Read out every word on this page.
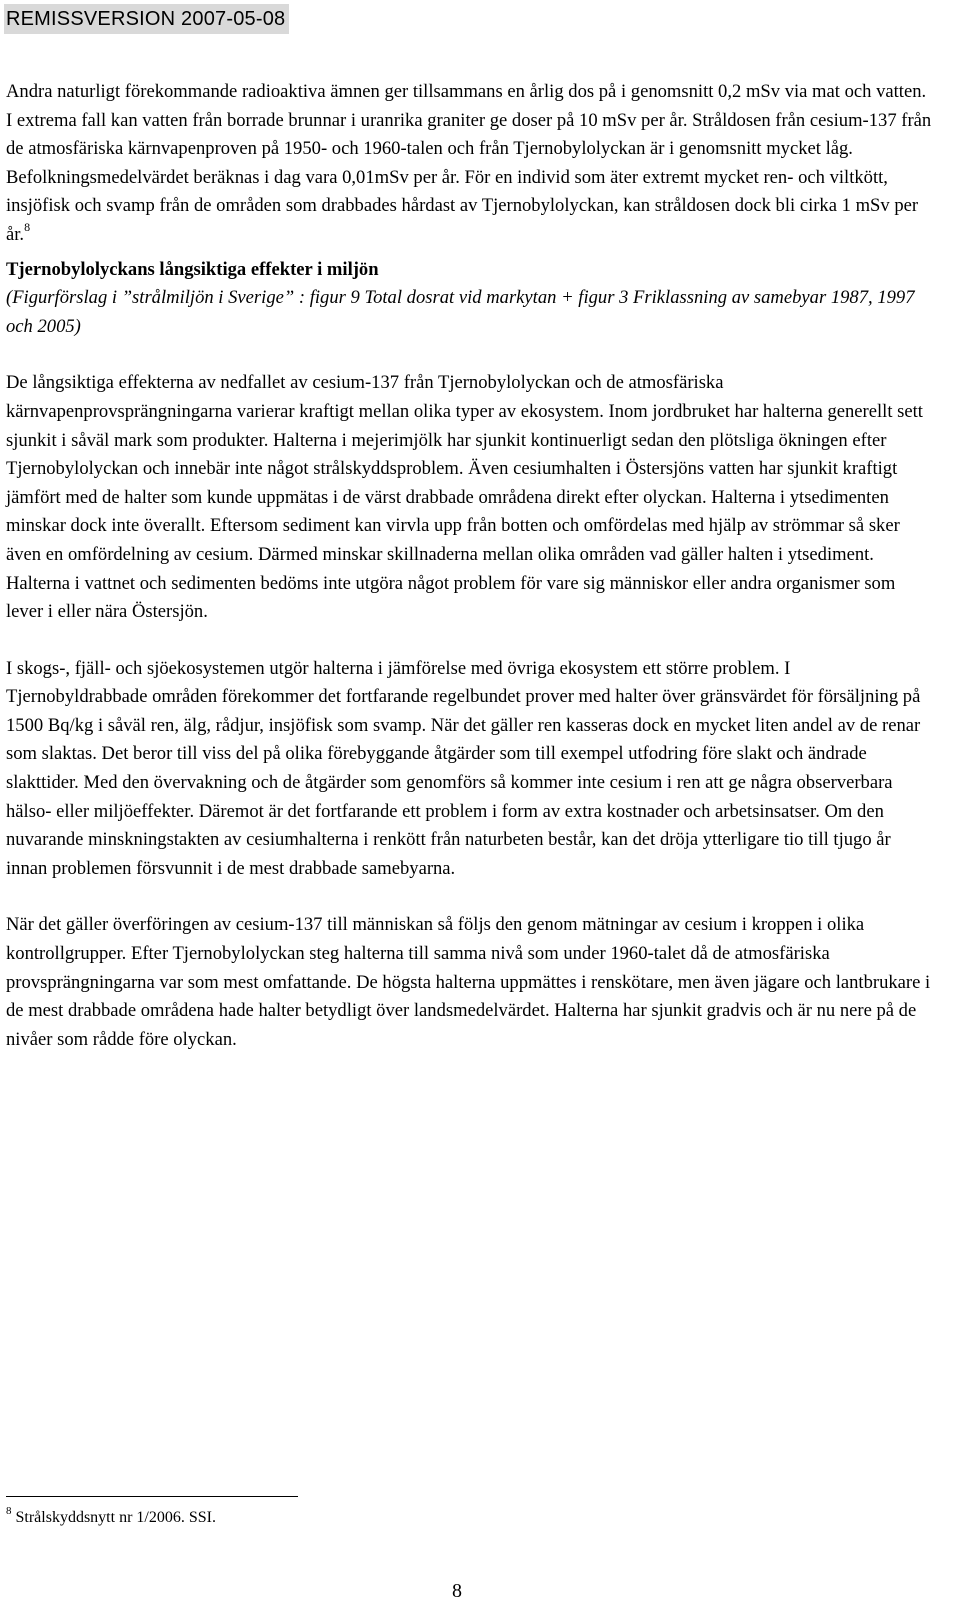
REMISSVERSION 2007-05-08

Andra naturligt förekommande radioaktiva ämnen ger tillsammans en årlig dos på i genomsnitt 0,2 mSv via mat och vatten. I extrema fall kan vatten från borrade brunnar i uranrika graniter ge doser på 10 mSv per år. Stråldosen från cesium-137 från de atmosfäriska kärnvapenproven på 1950- och 1960-talen och från Tjernobylolyckan är i genomsnitt mycket låg. Befolkningsmedelvärdet beräknas i dag vara 0,01mSv per år. För en individ som äter extremt mycket ren- och viltkött, insjöfisk och svamp från de områden som drabbades hårdast av Tjernobylolyckan, kan stråldosen dock bli cirka 1 mSv per år.$^8$

Tjernobylolyckans långsiktiga effekter i miljön

(Figurförslag i ”strålmiljön i Sverige” : figur 9 Total dosrat vid markytan + figur 3 Friklassning av samebyar 1987, 1997 och 2005)

De långsiktiga effekterna av nedfallet av cesium-137 från Tjernobylolyckan och de atmosfäriska kärnvapenprovsprängningarna varierar kraftigt mellan olika typer av ekosystem. Inom jordbruket har halterna generellt sett sjunkit i såväl mark som produkter. Halterna i mejerimjölk har sjunkit kontinuerligt sedan den plötsliga ökningen efter Tjernobylolyckan och innebär inte något strålskyddsproblem. Även cesiumhalten i Östersjöns vatten har sjunkit kraftigt jämfört med de halter som kunde uppmätas i de värst drabbade områdena direkt efter olyckan. Halterna i ytsedimenten minskar dock inte överallt. Eftersom sediment kan virvla upp från botten och omfördelas med hjälp av strömmar så sker även en omfördelning av cesium. Därmed minskar skillnaderna mellan olika områden vad gäller halten i ytsediment. Halterna i vattnet och sedimenten bedöms inte utgöra något problem för vare sig människor eller andra organismer som lever i eller nära Östersjön.

I skogs-, fjäll- och sjöekosystemen utgör halterna i jämförelse med övriga ekosystem ett större problem. I Tjernobyldrabbade områden förekommer det fortfarande regelbundet prover med halter över gränsvärdet för försäljning på 1500 Bq/kg i såväl ren, älg, rådjur, insjöfisk som svamp. När det gäller ren kasseras dock en mycket liten andel av de renar som slaktas. Det beror till viss del på olika förebyggande åtgärder som till exempel utfodring före slakt och ändrade slakttider. Med den övervakning och de åtgärder som genomförs så kommer inte cesium i ren att ge några observerbara hälso- eller miljöeffekter. Däremot är det fortfarande ett problem i form av extra kostnader och arbetsinsatser. Om den nuvarande minskningstakten av cesiumhalterna i renkött från naturbeten består, kan det dröja ytterligare tio till tjugo år innan problemen försvunnit i de mest drabbade samebyarna.

När det gäller överföringen av cesium-137 till människan så följs den genom mätningar av cesium i kroppen i olika kontrollgrupper. Efter Tjernobylolyckan steg halterna till samma nivå som under 1960-talet då de atmosfäriska provsprängningarna var som mest omfattande. De högsta halterna uppmättes i renskötare, men även jägare och lantbrukare i de mest drabbade områdena hade halter betydligt över landsmedelvärdet. Halterna har sjunkit gradvis och är nu nere på de nivåer som rådde före olyckan.

$^8$ Strålskyddsnytt nr 1/2006. SSI.
8
